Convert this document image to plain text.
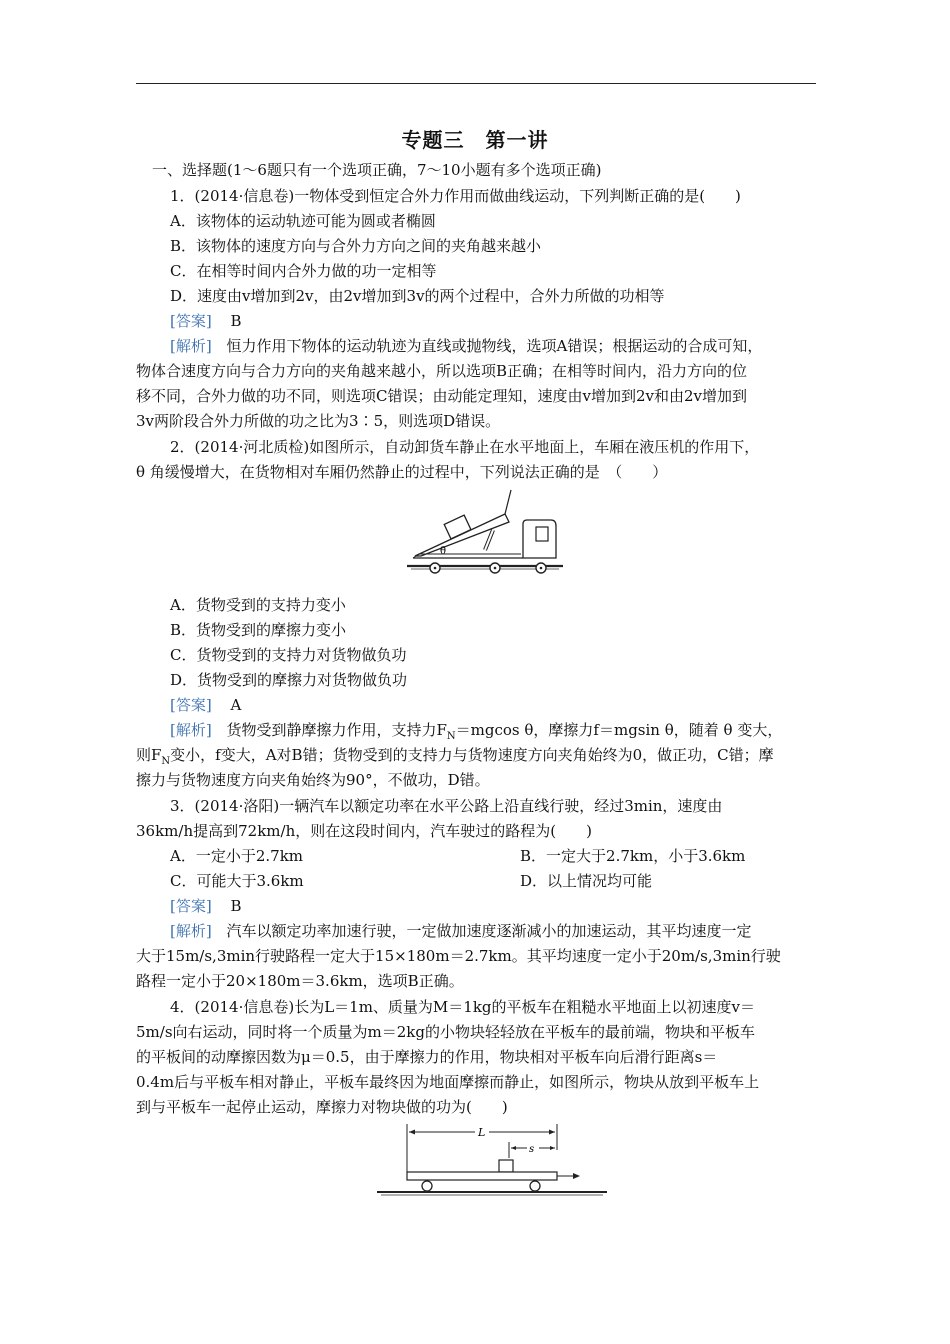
专题三　第一讲
一、选择题(1～6题只有一个选项正确，7～10小题有多个选项正确)
1．(2014·信息卷)一物体受到恒定合外力作用而做曲线运动，下列判断正确的是(　　)
A．该物体的运动轨迹可能为圆或者椭圆
B．该物体的速度方向与合外力方向之间的夹角越来越小
C．在相等时间内合外力做的功一定相等
D．速度由v增加到2v，由2v增加到3v的两个过程中，合外力所做的功相等
[答案] B
[解析] 恒力作用下物体的运动轨迹为直线或抛物线，选项A错误；根据运动的合成可知，
物体合速度方向与合力方向的夹角越来越小，所以选项B正确；在相等时间内，沿力方向的位
移不同，合外力做的功不同，则选项C错误；由动能定理知，速度由v增加到2v和由2v增加到
3v两阶段合外力所做的功之比为3∶5，则选项D错误。
2．(2014·河北质检)如图所示，自动卸货车静止在水平地面上，车厢在液压机的作用下，
θ 角缓慢增大，在货物相对车厢仍然静止的过程中，下列说法正确的是　（　　）
θ
A．货物受到的支持力变小
B．货物受到的摩擦力变小
C．货物受到的支持力对货物做负功
D．货物受到的摩擦力对货物做负功
[答案] A
[解析] 货物受到静摩擦力作用，支持力$F_N=mgcos$ θ，摩擦力f＝mgsin θ，随着 θ 变大，
则$F_N$变小，f变大，A对B错；货物受到的支持力与货物速度方向夹角始终为0，做正功，C错；摩
擦力与货物速度方向夹角始终为90°，不做功，D错。
3．(2014·洛阳)一辆汽车以额定功率在水平公路上沿直线行驶，经过3min，速度由
36km/h提高到72km/h，则在这段时间内，汽车驶过的路程为(　　)
A．一定小于2.7km	B．一定大于2.7km，小于3.6km
C．可能大于3.6km	D．以上情况均可能
[答案] B
[解析] 汽车以额定功率加速行驶，一定做加速度逐渐减小的加速运动，其平均速度一定
大于15m/s,3min行驶路程一定大于15×180m＝2.7km。其平均速度一定小于20m/s,3min行驶
路程一定小于20×180m＝3.6km，选项B正确。
4．(2014·信息卷)长为L＝1m、质量为M＝1kg的平板车在粗糙水平地面上以初速度v＝
5m/s向右运动，同时将一个质量为m＝2kg的小物块轻轻放在平板车的最前端，物块和平板车
的平板间的动摩擦因数为μ＝0.5，由于摩擦力的作用，物块相对平板车向后滑行距离s＝
0.4m后与平板车相对静止，平板车最终因为地面摩擦而静止，如图所示，物块从放到平板车上
到与平板车一起停止运动，摩擦力对物块做的功为(　　)
L
s
